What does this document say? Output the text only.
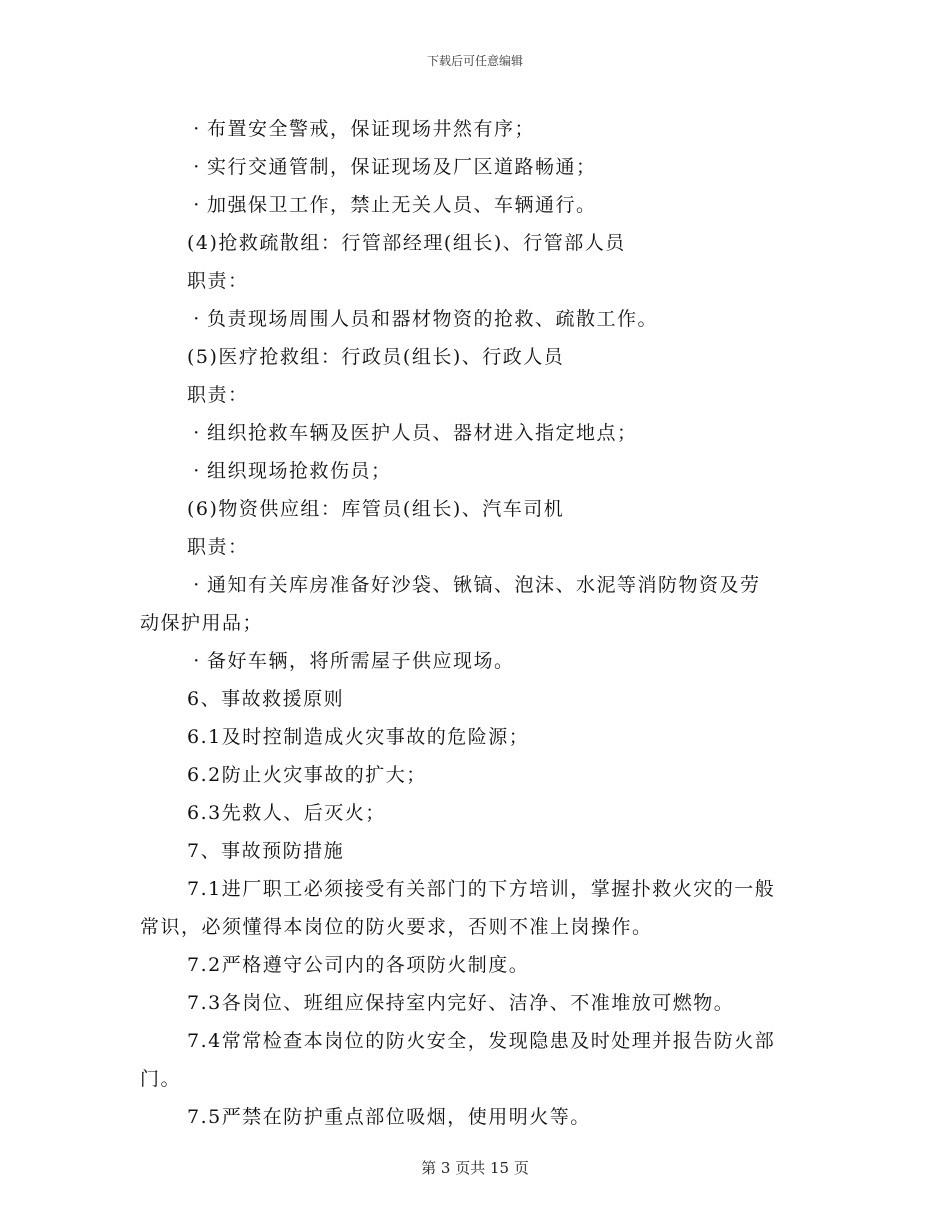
下载后可任意编辑
· 布置安全警戒，保证现场井然有序；
· 实行交通管制，保证现场及厂区道路畅通；
· 加强保卫工作，禁止无关人员、车辆通行。
(4)抢救疏散组：行管部经理(组长)、行管部人员
职责：
· 负责现场周围人员和器材物资的抢救、疏散工作。
(5)医疗抢救组：行政员(组长)、行政人员
职责：
· 组织抢救车辆及医护人员、器材进入指定地点；
· 组织现场抢救伤员；
(6)物资供应组：库管员(组长)、汽车司机
职责：
· 通知有关库房准备好沙袋、锹镐、泡沫、水泥等消防物资及劳
动保护用品；
· 备好车辆，将所需屋子供应现场。
6、事故救援原则
6.1及时控制造成火灾事故的危险源；
6.2防止火灾事故的扩大；
6.3先救人、后灭火；
7、事故预防措施
7.1进厂职工必须接受有关部门的下方培训，掌握扑救火灾的一般
常识，必须懂得本岗位的防火要求，否则不准上岗操作。
7.2严格遵守公司内的各项防火制度。
7.3各岗位、班组应保持室内完好、洁净、不准堆放可燃物。
7.4常常检查本岗位的防火安全，发现隐患及时处理并报告防火部
门。
7.5严禁在防护重点部位吸烟，使用明火等。
第 3 页共 15 页
